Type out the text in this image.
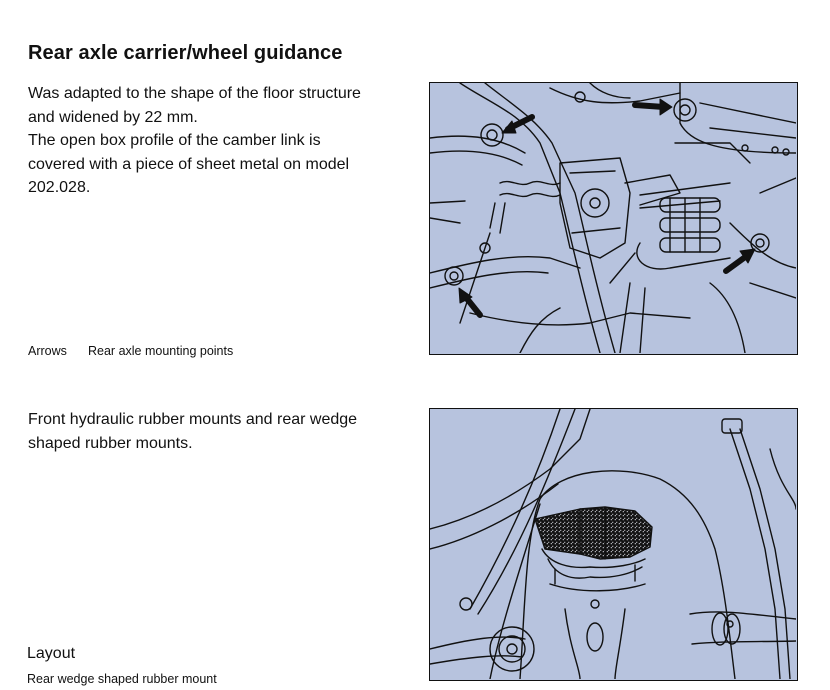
Rear axle carrier/wheel guidance
Was adapted to the shape of the floor structure
and widened by 22 mm.
The open box profile of the camber link is
covered with a piece of sheet metal on model
202.028.
Arrows Rear axle mounting points
Front hydraulic rubber mounts and rear wedge
shaped rubber mounts.
Layout
Rear wedge shaped rubber mount
